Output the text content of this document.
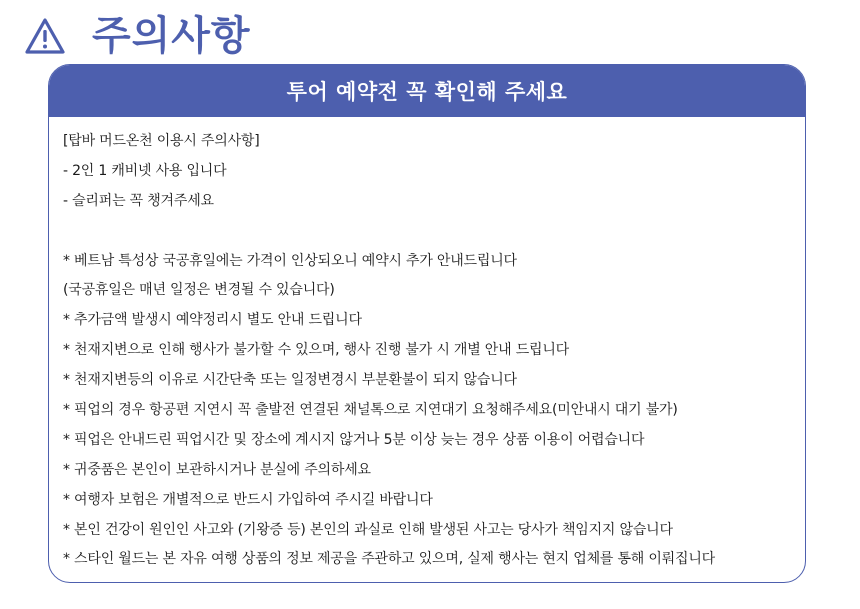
주의사항
투어 예약전 꼭 확인해 주세요
[탑바 머드온천 이용시 주의사항]
- 2인 1 캐비넷 사용 입니다
- 슬리퍼는 꼭 챙겨주세요
* 베트남 특성상 국공휴일에는 가격이 인상되오니 예약시 추가 안내드립니다
(국공휴일은 매년 일정은 변경될 수 있습니다)
* 추가금액 발생시 예약정리시 별도 안내 드립니다
* 천재지변으로 인해 행사가 불가할 수 있으며, 행사 진행 불가 시 개별 안내 드립니다
* 천재지변등의 이유로 시간단축 또는 일정변경시 부분환불이 되지 않습니다
* 픽업의 경우 항공편 지연시 꼭 출발전 연결된 채널톡으로 지연대기 요청해주세요(미안내시 대기 불가)
* 픽업은 안내드린 픽업시간 및 장소에 계시지 않거나 5분 이상 늦는 경우 상품 이용이 어렵습니다
* 귀중품은 본인이 보관하시거나 분실에 주의하세요
* 여행자 보험은 개별적으로 반드시 가입하여 주시길 바랍니다
* 본인 건강이 원인인 사고와 (기왕증 등) 본인의 과실로 인해 발생된 사고는 당사가 책임지지 않습니다
* 스타인 월드는 본 자유 여행 상품의 정보 제공을 주관하고 있으며, 실제 행사는 현지 업체를 통해 이뤄집니다
